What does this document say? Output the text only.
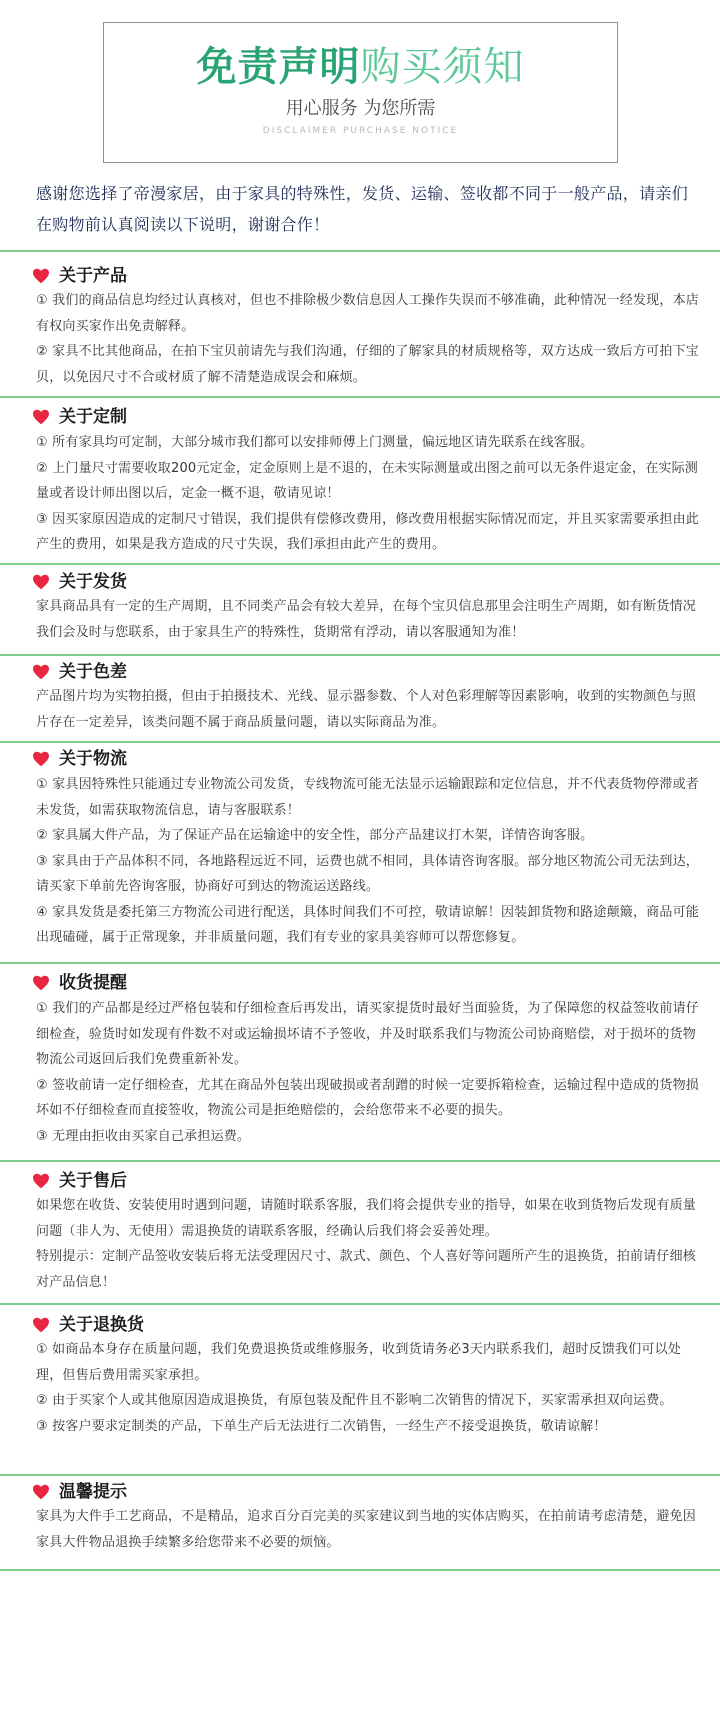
免责声明购买须知
用心服务 为您所需
DISCLAIMER PURCHASE NOTICE
感谢您选择了帝漫家居，由于家具的特殊性，发货、运输、签收都不同于一般产品，请亲们在购物前认真阅读以下说明，谢谢合作！
关于产品
① 我们的商品信息均经过认真核对，但也不排除极少数信息因人工操作失误而不够准确，此种情况一经发现，本店有权向买家作出免责解释。
② 家具不比其他商品，在拍下宝贝前请先与我们沟通，仔细的了解家具的材质规格等，双方达成一致后方可拍下宝贝，以免因尺寸不合或材质了解不清楚造成误会和麻烦。
关于定制
① 所有家具均可定制，大部分城市我们都可以安排师傅上门测量，偏远地区请先联系在线客服。
② 上门量尺寸需要收取200元定金，定金原则上是不退的，在未实际测量或出图之前可以无条件退定金，在实际测量或者设计师出图以后，定金一概不退，敬请见谅！
③ 因买家原因造成的定制尺寸错误，我们提供有偿修改费用，修改费用根据实际情况而定，并且买家需要承担由此产生的费用，如果是我方造成的尺寸失误，我们承担由此产生的费用。
关于发货
家具商品具有一定的生产周期，且不同类产品会有较大差异，在每个宝贝信息那里会注明生产周期，如有断货情况我们会及时与您联系，由于家具生产的特殊性，货期常有浮动，请以客服通知为准！
关于色差
产品图片均为实物拍摄，但由于拍摄技术、光线、显示器参数、个人对色彩理解等因素影响，收到的实物颜色与照片存在一定差异，该类问题不属于商品质量问题，请以实际商品为准。
关于物流
① 家具因特殊性只能通过专业物流公司发货，专线物流可能无法显示运输跟踪和定位信息，并不代表货物停滞或者未发货，如需获取物流信息，请与客服联系！
② 家具属大件产品，为了保证产品在运输途中的安全性，部分产品建议打木架，详情咨询客服。
③ 家具由于产品体积不同，各地路程远近不同，运费也就不相同，具体请咨询客服。部分地区物流公司无法到达，请买家下单前先咨询客服，协商好可到达的物流运送路线。
④ 家具发货是委托第三方物流公司进行配送，具体时间我们不可控，敬请谅解！因装卸货物和路途颠簸，商品可能出现磕碰，属于正常现象，并非质量问题，我们有专业的家具美容师可以帮您修复。
收货提醒
① 我们的产品都是经过严格包装和仔细检查后再发出，请买家提货时最好当面验货，为了保障您的权益签收前请仔细检查，验货时如发现有件数不对或运输损坏请不予签收，并及时联系我们与物流公司协商赔偿，对于损坏的货物物流公司返回后我们免费重新补发。
② 签收前请一定仔细检查，尤其在商品外包装出现破损或者刮蹭的时候一定要拆箱检查，运输过程中造成的货物损坏如不仔细检查而直接签收，物流公司是拒绝赔偿的，会给您带来不必要的损失。
③ 无理由拒收由买家自己承担运费。
关于售后
如果您在收货、安装使用时遇到问题，请随时联系客服，我们将会提供专业的指导，如果在收到货物后发现有质量问题（非人为、无使用）需退换货的请联系客服，经确认后我们将会妥善处理。
特别提示：定制产品签收安装后将无法受理因尺寸、款式、颜色、个人喜好等问题所产生的退换货，拍前请仔细核对产品信息！
关于退换货
① 如商品本身存在质量问题，我们免费退换货或维修服务，收到货请务必3天内联系我们，超时反馈我们可以处理，但售后费用需买家承担。
② 由于买家个人或其他原因造成退换货，有原包装及配件且不影响二次销售的情况下，买家需承担双向运费。
③ 按客户要求定制类的产品，下单生产后无法进行二次销售，一经生产不接受退换货，敬请谅解！
温馨提示
家具为大件手工艺商品，不是精品，追求百分百完美的买家建议到当地的实体店购买，在拍前请考虑清楚，避免因家具大件物品退换手续繁多给您带来不必要的烦恼。
